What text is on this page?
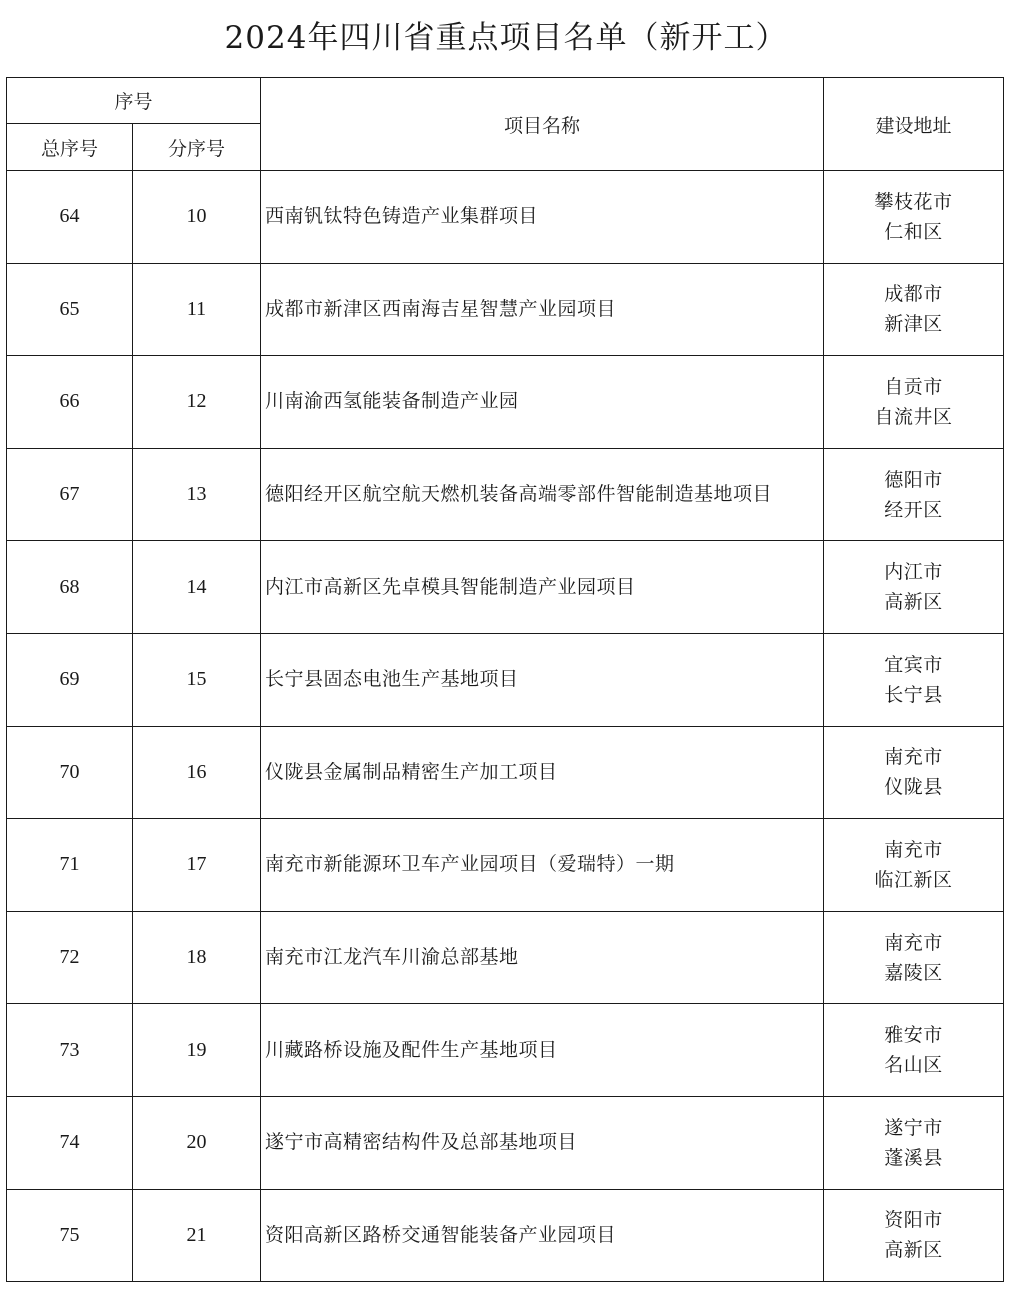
2024年四川省重点项目名单（新开工）
序号		项目名称	建设地址
总序号	分序号		
64	10	西南钒钛特色铸造产业集群项目	攀枝花市
仁和区

65	11	成都市新津区西南海吉星智慧产业园项目	成都市
新津区

66	12	川南渝西氢能装备制造产业园	自贡市
自流井区

67	13	德阳经开区航空航天燃机装备高端零部件智能制造基地项目	德阳市
经开区

68	14	内江市高新区先卓模具智能制造产业园项目	内江市
高新区

69	15	长宁县固态电池生产基地项目	宜宾市
长宁县

70	16	仪陇县金属制品精密生产加工项目	南充市
仪陇县

71	17	南充市新能源环卫车产业园项目（爱瑞特）一期	南充市
临江新区

72	18	南充市江龙汽车川渝总部基地	南充市
嘉陵区

73	19	川藏路桥设施及配件生产基地项目	雅安市
名山区

74	20	遂宁市高精密结构件及总部基地项目	遂宁市
蓬溪县

75	21	资阳高新区路桥交通智能装备产业园项目	资阳市
高新区
